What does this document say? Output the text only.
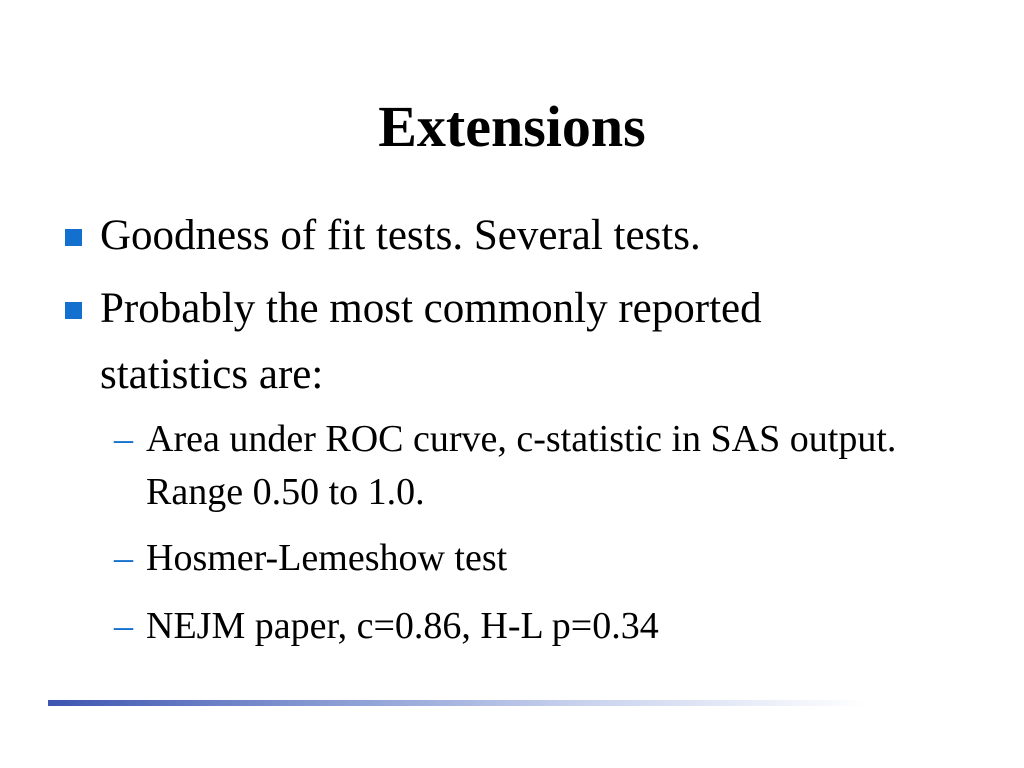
Extensions
Goodness of fit tests. Several tests.
Probably the most commonly reported statistics are:
– Area under ROC curve, c-statistic in SAS output. Range 0.50 to 1.0.
– Hosmer-Lemeshow test
– NEJM paper, c=0.86, H-L p=0.34
